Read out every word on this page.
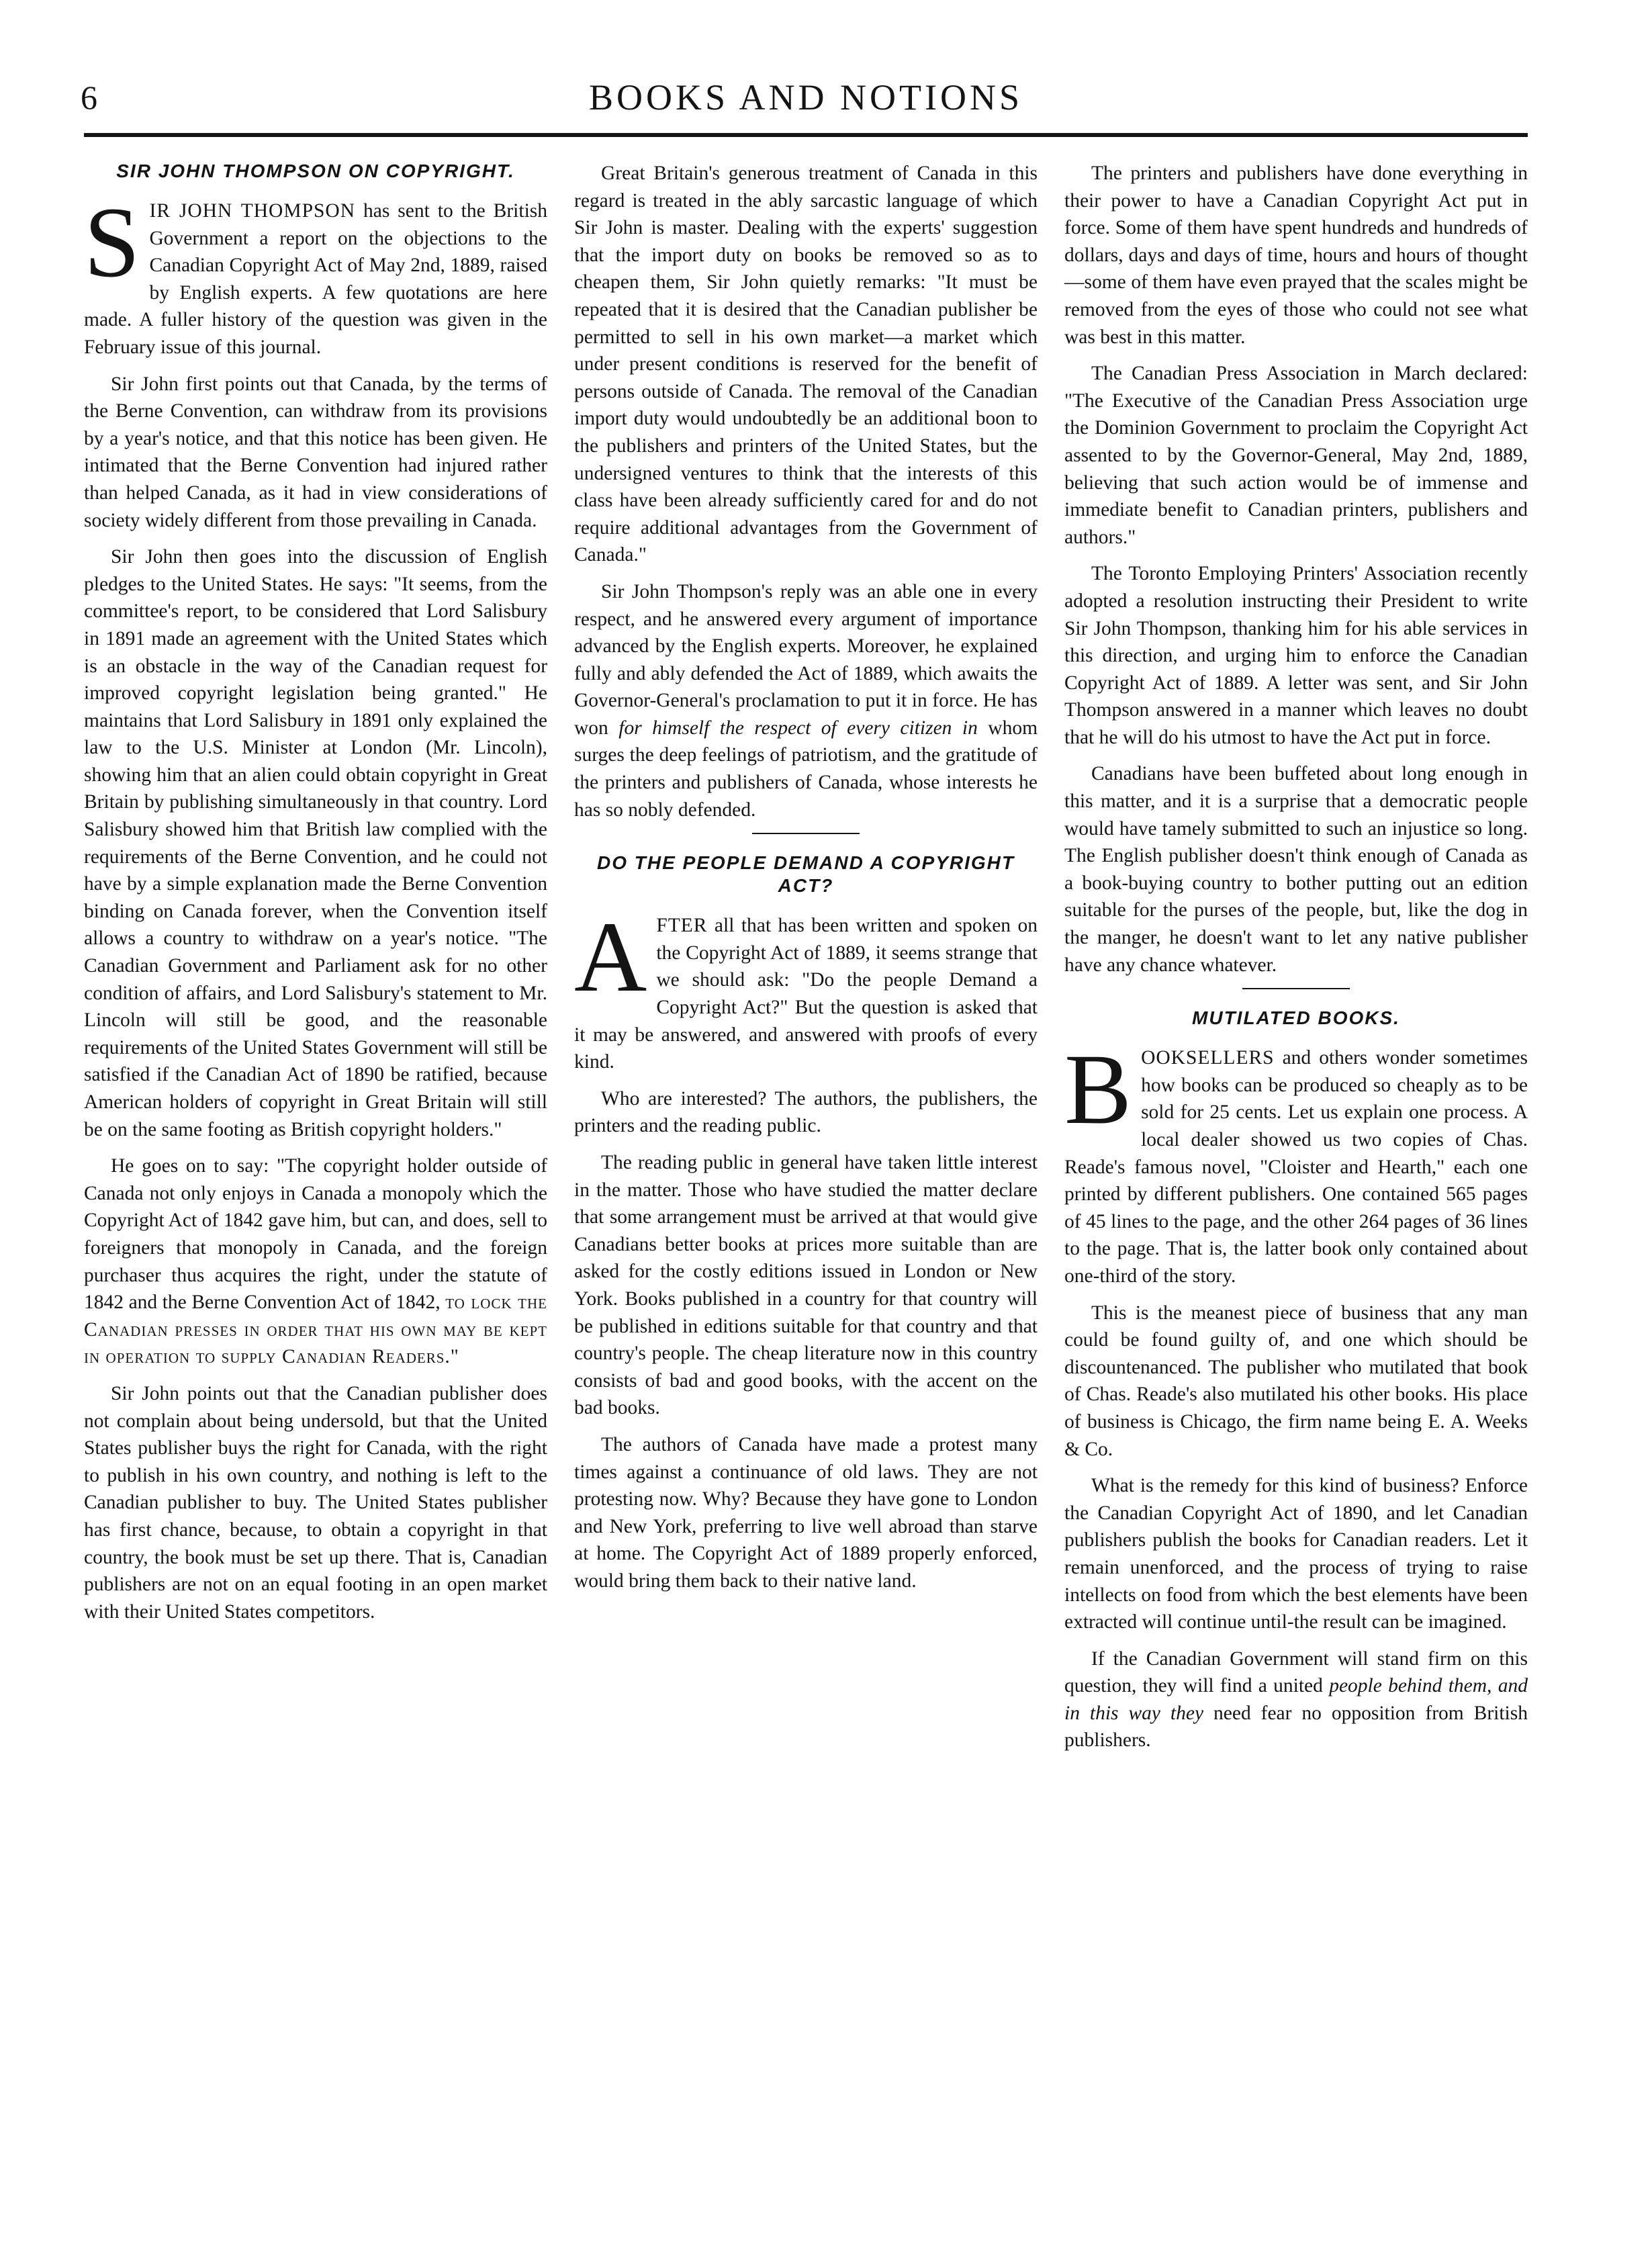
6	BOOKS AND NOTIONS
SIR JOHN THOMPSON ON COPYRIGHT.

SIR JOHN THOMPSON has sent to the British Government a report on the objections to the Canadian Copyright Act of May 2nd, 1889, raised by English experts. A few quotations are here made. A fuller history of the question was given in the February issue of this journal.

Sir John first points out that Canada, by the terms of the Berne Convention, can withdraw from its provisions by a year's notice, and that this notice has been given. He intimated that the Berne Convention had injured rather than helped Canada, as it had in view considerations of society widely different from those prevailing in Canada.

Sir John then goes into the discussion of English pledges to the United States. He says: "It seems, from the committee's report, to be considered that Lord Salisbury in 1891 made an agreement with the United States which is an obstacle in the way of the Canadian request for improved copyright legislation being granted." He maintains that Lord Salisbury in 1891 only explained the law to the U.S. Minister at London (Mr. Lincoln), showing him that an alien could obtain copyright in Great Britain by publishing simultaneously in that country. Lord Salisbury showed him that British law complied with the requirements of the Berne Convention, and he could not have by a simple explanation made the Berne Convention binding on Canada forever, when the Convention itself allows a country to withdraw on a year's notice. "The Canadian Government and Parliament ask for no other condition of affairs, and Lord Salisbury's statement to Mr. Lincoln will still be good, and the reasonable requirements of the United States Government will still be satisfied if the Canadian Act of 1890 be ratified, because American holders of copyright in Great Britain will still be on the same footing as British copyright holders."

He goes on to say: "The copyright holder outside of Canada not only enjoys in Canada a monopoly which the Copyright Act of 1842 gave him, but can, and does, sell to foreigners that monopoly in Canada, and the foreign purchaser thus acquires the right, under the statute of 1842 and the Berne Convention Act of 1842, to lock the Canadian presses in order that his own may be kept in operation to supply Canadian Readers."

Sir John points out that the Canadian publisher does not complain about being undersold, but that the United States publisher buys the right for Canada, with the right to publish in his own country, and nothing is left to the Canadian publisher to buy. The United States publisher has first chance, because, to obtain a copyright in that country, the book must be set up there. That is, Canadian publishers are not on an equal footing in an open market with their United States competitors.

Great Britain's generous treatment of Canada in this regard is treated in the ably sarcastic language of which Sir John is master. Dealing with the experts' suggestion that the import duty on books be removed so as to cheapen them, Sir John quietly remarks: "It must be repeated that it is desired that the Canadian publisher be permitted to sell in his own market—a market which under present conditions is reserved for the benefit of persons outside of Canada. The removal of the Canadian import duty would undoubtedly be an additional boon to the publishers and printers of the United States, but the undersigned ventures to think that the interests of this class have been already sufficiently cared for and do not require additional advantages from the Government of Canada."

Sir John Thompson's reply was an able one in every respect, and he answered every argument of importance advanced by the English experts. Moreover, he explained fully and ably defended the Act of 1889, which awaits the Governor-General's proclamation to put it in force. He has won for himself the respect of every citizen in whom surges the deep feelings of patriotism, and the gratitude of the printers and publishers of Canada, whose interests he has so nobly defended.

DO THE PEOPLE DEMAND A COPYRIGHT ACT?

AFTER all that has been written and spoken on the Copyright Act of 1889, it seems strange that we should ask: "Do the people Demand a Copyright Act?" But the question is asked that it may be answered, and answered with proofs of every kind.

Who are interested? The authors, the publishers, the printers and the reading public.

The reading public in general have taken little interest in the matter. Those who have studied the matter declare that some arrangement must be arrived at that would give Canadians better books at prices more suitable than are asked for the costly editions issued in London or New York. Books published in a country for that country will be published in editions suitable for that country and that country's people. The cheap literature now in this country consists of bad and good books, with the accent on the bad books.

The authors of Canada have made a protest many times against a continuance of old laws. They are not protesting now. Why? Because they have gone to London and New York, preferring to live well abroad than starve at home. The Copyright Act of 1889 properly enforced, would bring them back to their native land.

The printers and publishers have done everything in their power to have a Canadian Copyright Act put in force. Some of them have spent hundreds and hundreds of dollars, days and days of time, hours and hours of thought—some of them have even prayed that the scales might be removed from the eyes of those who could not see what was best in this matter.

The Canadian Press Association in March declared: "The Executive of the Canadian Press Association urge the Dominion Government to proclaim the Copyright Act assented to by the Governor-General, May 2nd, 1889, believing that such action would be of immense and immediate benefit to Canadian printers, publishers and authors."

The Toronto Employing Printers' Association recently adopted a resolution instructing their President to write Sir John Thompson, thanking him for his able services in this direction, and urging him to enforce the Canadian Copyright Act of 1889. A letter was sent, and Sir John Thompson answered in a manner which leaves no doubt that he will do his utmost to have the Act put in force.

Canadians have been buffeted about long enough in this matter, and it is a surprise that a democratic people would have tamely submitted to such an injustice so long. The English publisher doesn't think enough of Canada as a book-buying country to bother putting out an edition suitable for the purses of the people, but, like the dog in the manger, he doesn't want to let any native publisher have any chance whatever.

MUTILATED BOOKS.

BOOKSELLERS and others wonder sometimes how books can be produced so cheaply as to be sold for 25 cents. Let us explain one process. A local dealer showed us two copies of Chas. Reade's famous novel, "Cloister and Hearth," each one printed by different publishers. One contained 565 pages of 45 lines to the page, and the other 264 pages of 36 lines to the page. That is, the latter book only contained about one-third of the story.

This is the meanest piece of business that any man could be found guilty of, and one which should be discountenanced. The publisher who mutilated that book of Chas. Reade's also mutilated his other books. His place of business is Chicago, the firm name being E. A. Weeks & Co.

What is the remedy for this kind of business? Enforce the Canadian Copyright Act of 1890, and let Canadian publishers publish the books for Canadian readers. Let it remain unenforced, and the process of trying to raise intellects on food from which the best elements have been extracted will continue until-the result can be imagined.

If the Canadian Government will stand firm on this question, they will find a united people behind them, and in this way they need fear no opposition from British publishers.
